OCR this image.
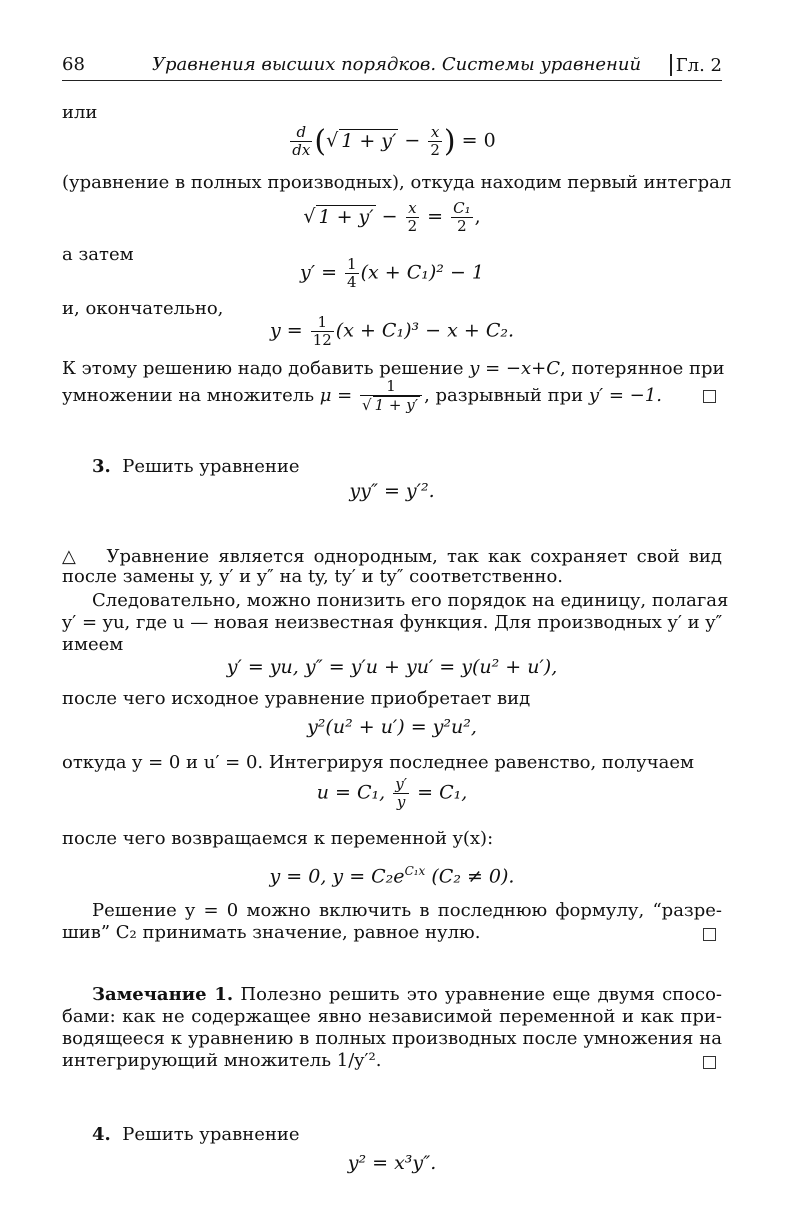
68	Уравнения высших порядков. Системы уравнений	Гл. 2
или
$\frac{d}{dx}$ (√ $1 + y' - \frac{x}{2}$ ) = 0
(уравнение в полных производных), откуда находим первый интеграл
√ $1 + y' - \frac{x}{2} = \frac{\text{C₁}}{2}$ ,
а затем
$y' = \frac{1}{4} (x + C_1)^2 - 1$
и, окончательно,
$y = \frac{1}{12} (x + C_1)^3 - x + C_2$.
К этому решению надо добавить решение y = −x+C, потерянное при
умножении на множитель $\mu = \frac{1}{√ 1 + y'}$ , разрывный при y′ = −1.
3. Решить уравнение
yy″ = y′².
△ Уравнение является однородным, так как сохраняет свой вид
после замены y, y′ и y″ на ty, ty′ и ty″ соответственно.
Следовательно, можно понизить его порядок на единицу, полагая
y′ = yu, где u — новая неизвестная функция. Для производных y′ и y″
имеем
y′ = yu, y″ = y′u + yu′ = y(u² + u′),
после чего исходное уравнение приобретает вид
y²(u² + u′) = y²u²,
откуда y = 0 и u′ = 0. Интегрируя последнее равенство, получаем
u = C₁, $\frac{y'}{y} = C_1$,
после чего возвращаемся к переменной y(x):
y = 0, $y = C_2e^{C_1x}$ (C₂ ≠ 0).
Решение y = 0 можно включить в последнюю формулу, “разре-
шив” C₂ принимать значение, равное нулю.
Замечание 1. Полезно решить это уравнение еще двумя спосо-
бами: как не содержащее явно независимой переменной и как при-
водящееся к уравнению в полных производных после умножения на
интегрирующий множитель 1/y′².
4. Решить уравнение
y² = x³y″.
